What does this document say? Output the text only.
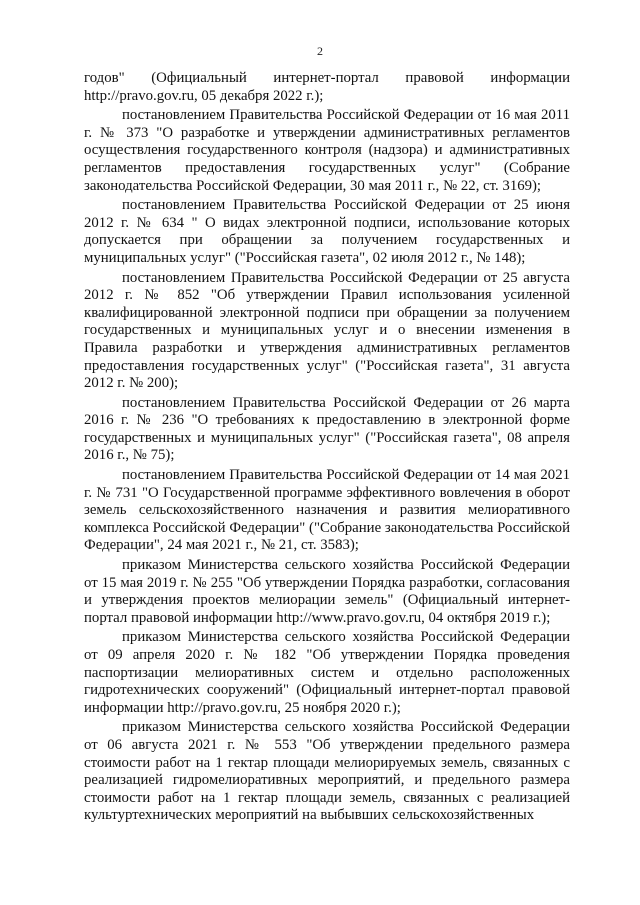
2

годов" (Официальный интернет-портал правовой информации http://pravo.gov.ru, 05 декабря 2022 г.);

постановлением Правительства Российской Федерации от 16 мая 2011 г. № 373 "О разработке и утверждении административных регламентов осуществления государственного контроля (надзора) и административных регламентов предоставления государственных услуг" (Собрание законодательства Российской Федерации, 30 мая 2011 г., № 22, ст. 3169);

постановлением Правительства Российской Федерации от 25 июня 2012 г. № 634 " О видах электронной подписи, использование которых допускается при обращении за получением государственных и муниципальных услуг" ("Российская газета", 02 июля 2012 г., № 148);

постановлением Правительства Российской Федерации от 25 августа 2012 г. № 852 "Об утверждении Правил использования усиленной квалифицированной электронной подписи при обращении за получением государственных и муниципальных услуг и о внесении изменения в Правила разработки и утверждения административных регламентов предоставления государственных услуг" ("Российская газета", 31 августа 2012 г. № 200);

постановлением Правительства Российской Федерации от 26 марта 2016 г. № 236 "О требованиях к предоставлению в электронной форме государственных и муниципальных услуг" ("Российская газета", 08 апреля 2016 г., № 75);

постановлением Правительства Российской Федерации от 14 мая 2021 г. № 731 "О Государственной программе эффективного вовлечения в оборот земель сельскохозяйственного назначения и развития мелиоративного комплекса Российской Федерации" ("Собрание законодательства Российской Федерации", 24 мая 2021 г., № 21, ст. 3583);

приказом Министерства сельского хозяйства Российской Федерации от 15 мая 2019 г. № 255 "Об утверждении Порядка разработки, согласования и утверждения проектов мелиорации земель" (Официальный интернет-портал правовой информации http://www.pravo.gov.ru, 04 октября 2019 г.);

приказом Министерства сельского хозяйства Российской Федерации от 09 апреля 2020 г. № 182 "Об утверждении Порядка проведения паспортизации мелиоративных систем и отдельно расположенных гидротехнических сооружений" (Официальный интернет-портал правовой информации http://pravo.gov.ru, 25 ноября 2020 г.);

приказом Министерства сельского хозяйства Российской Федерации от 06 августа 2021 г. № 553 "Об утверждении предельного размера стоимости работ на 1 гектар площади мелиорируемых земель, связанных с реализацией гидромелиоративных мероприятий, и предельного размера стоимости работ на 1 гектар площади земель, связанных с реализацией культуртехнических мероприятий на выбывших сельскохозяйственных
